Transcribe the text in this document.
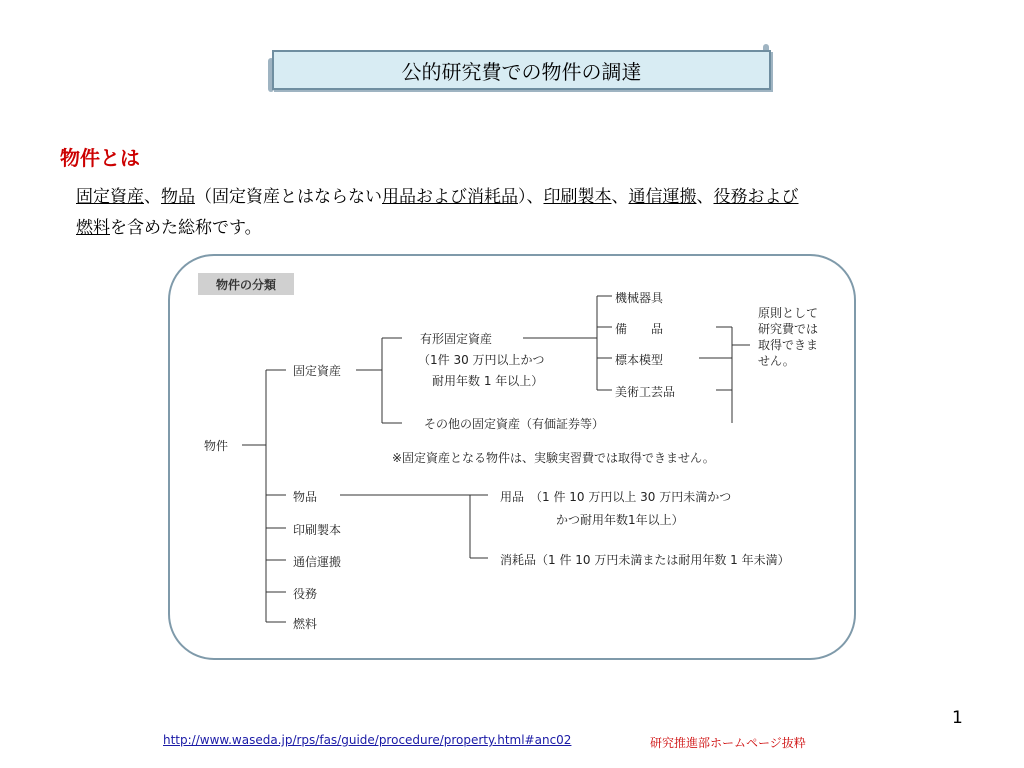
公的研究費での物件の調達
物件とは
固定資産、物品（固定資産とはならない用品および消耗品）、印刷製本、通信運搬、役務および
燃料を含めた総称です。
物件の分類
物件
固定資産
有形固定資産
（1件 30 万円以上かつ
耐用年数 1 年以上）
機械器具
備　　品
標本模型
美術工芸品
原則として
研究費では
取得できま
せん。
その他の固定資産（有価証券等）
※固定資産となる物件は、実験実習費では取得できません。
物品	用品　（1 件 10 万円以上 30 万円未満かつ
かつ耐用年数1年以上）
消耗品（1 件 10 万円未満または耐用年数 1 年未満）
印刷製本
通信運搬
役務
燃料
1
http://www.waseda.jp/rps/fas/guide/procedure/property.html#anc02	研究推進部ホームページ抜粋
